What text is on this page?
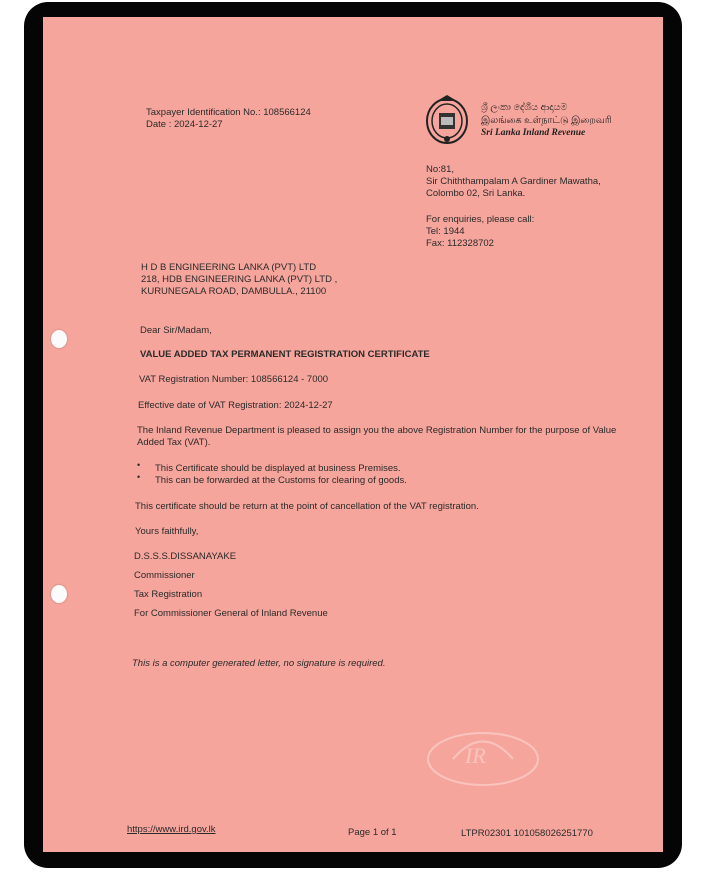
Taxpayer Identification No.: 108566124
Date : 2024-12-27
ශ්‍රී ලංකා දේශීය ආදායම
இலங்கை உள்நாட்டு இறைவரி
Sri Lanka Inland Revenue
No:81,
Sir Chiththampalam A Gardiner Mawatha,
Colombo 02, Sri Lanka.
For enquiries, please call:
Tel: 1944
Fax: 112328702
H D B ENGINEERING LANKA (PVT) LTD
218, HDB ENGINEERING LANKA (PVT) LTD ,
KURUNEGALA ROAD, DAMBULLA., 21100
Dear Sir/Madam,
VALUE ADDED TAX PERMANENT REGISTRATION CERTIFICATE
VAT Registration Number: 108566124 - 7000
Effective date of VAT Registration: 2024-12-27
The Inland Revenue Department is pleased to assign you the above Registration Number for the purpose of Value
Added Tax (VAT).
• This Certificate should be displayed at business Premises.
• This can be forwarded at the Customs for clearing of goods.
This certificate should be return at the point of cancellation of the VAT registration.
Yours faithfully,
D.S.S.S.DISSANAYAKE
Commissioner
Tax Registration
For Commissioner General of Inland Revenue
This is a computer generated letter, no signature is required.
IR
https://www.ird.gov.lk	Page 1 of 1	LTPR02301 101058026251770
